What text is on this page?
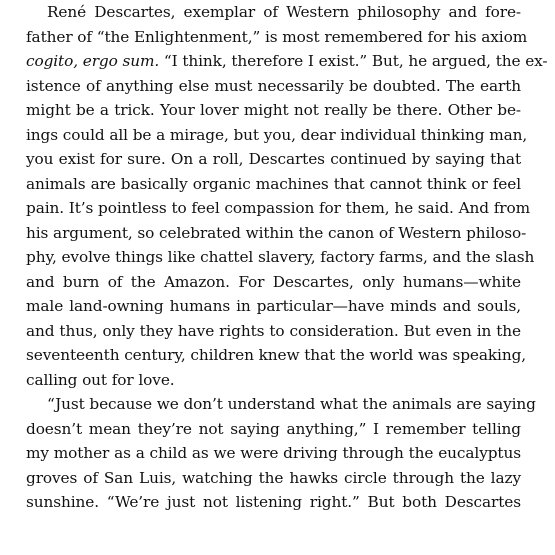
René Descartes, exemplar of Western philosophy and fore-
father of “the Enlightenment,” is most remembered for his axiom
cogito, ergo sum. “I think, therefore I exist.” But, he argued, the ex-
istence of anything else must necessarily be doubted. The earth
might be a trick. Your lover might not really be there. Other be-
ings could all be a mirage, but you, dear individual thinking man,
you exist for sure. On a roll, Descartes continued by saying that
animals are basically organic machines that cannot think or feel
pain. It’s pointless to feel compassion for them, he said. And from
his argument, so celebrated within the canon of Western philoso-
phy, evolve things like chattel slavery, factory farms, and the slash
and burn of the Amazon. For Descartes, only humans—white
male land-owning humans in particular—have minds and souls,
and thus, only they have rights to consideration. But even in the
seventeenth century, children knew that the world was speaking,
calling out for love.
“Just because we don’t understand what the animals are saying
doesn’t mean they’re not saying anything,” I remember telling
my mother as a child as we were driving through the eucalyptus
groves of San Luis, watching the hawks circle through the lazy
sunshine. “We’re just not listening right.” But both Descartes
